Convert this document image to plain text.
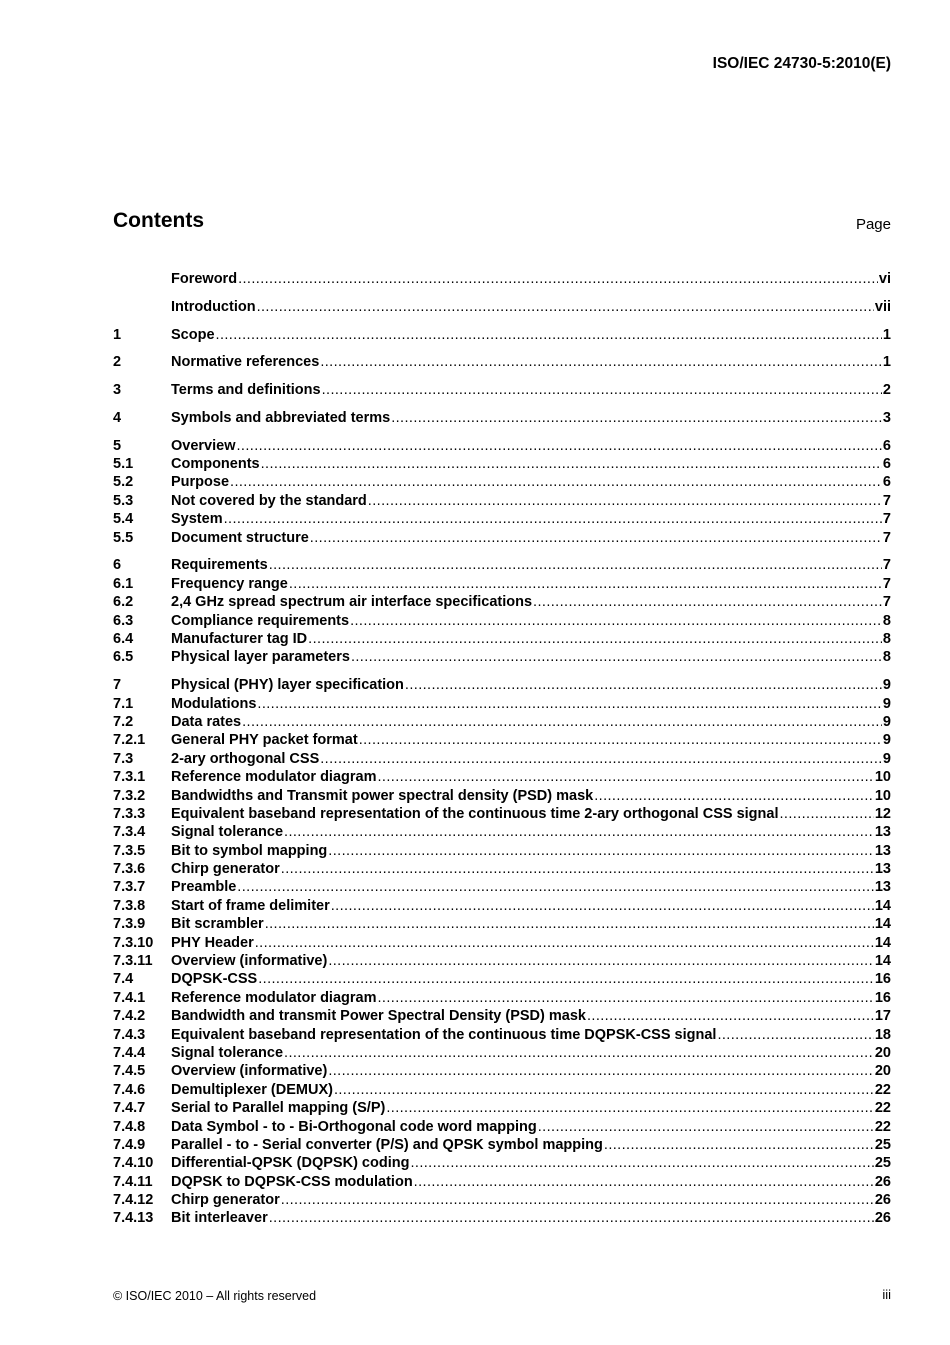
ISO/IEC 24730-5:2010(E)
Contents	Page
Foreword .....	vi
Introduction .....	vii
1	Scope .....	1
2	Normative references .....	1
3	Terms and definitions .....	2
4	Symbols and abbreviated terms .....	3
5	Overview .....	6
5.1	Components .....	6
5.2	Purpose .....	6
5.3	Not covered by the standard .....	7
5.4	System .....	7
5.5	Document structure .....	7
6	Requirements .....	7
6.1	Frequency range .....	7
6.2	2,4 GHz spread spectrum air interface specifications .....	7
6.3	Compliance requirements .....	8
6.4	Manufacturer tag ID .....	8
6.5	Physical layer parameters .....	8
7	Physical (PHY) layer specification .....	9
7.1	Modulations .....	9
7.2	Data rates .....	9
7.2.1	General PHY packet format .....	9
7.3	2-ary orthogonal CSS .....	9
7.3.1	Reference modulator diagram .....	10
7.3.2	Bandwidths and Transmit power spectral density (PSD) mask .....	10
7.3.3	Equivalent baseband representation of the continuous time 2-ary orthogonal CSS signal .....	12
7.3.4	Signal tolerance .....	13
7.3.5	Bit to symbol mapping .....	13
7.3.6	Chirp generator .....	13
7.3.7	Preamble .....	13
7.3.8	Start of frame delimiter .....	14
7.3.9	Bit scrambler .....	14
7.3.10	PHY Header .....	14
7.3.11	Overview (informative) .....	14
7.4	DQPSK-CSS .....	16
7.4.1	Reference modulator diagram .....	16
7.4.2	Bandwidth and transmit Power Spectral Density (PSD) mask .....	17
7.4.3	Equivalent baseband representation of the continuous time DQPSK-CSS signal .....	18
7.4.4	Signal tolerance .....	20
7.4.5	Overview (informative) .....	20
7.4.6	Demultiplexer (DEMUX) .....	22
7.4.7	Serial to Parallel mapping (S/P) .....	22
7.4.8	Data Symbol - to - Bi-Orthogonal code word mapping .....	22
7.4.9	Parallel - to - Serial converter (P/S) and QPSK symbol mapping .....	25
7.4.10	Differential-QPSK (DQPSK) coding .....	25
7.4.11	DQPSK to DQPSK-CSS modulation .....	26
7.4.12	Chirp generator .....	26
7.4.13	Bit interleaver .....	26
© ISO/IEC 2010 – All rights reserved	iii
